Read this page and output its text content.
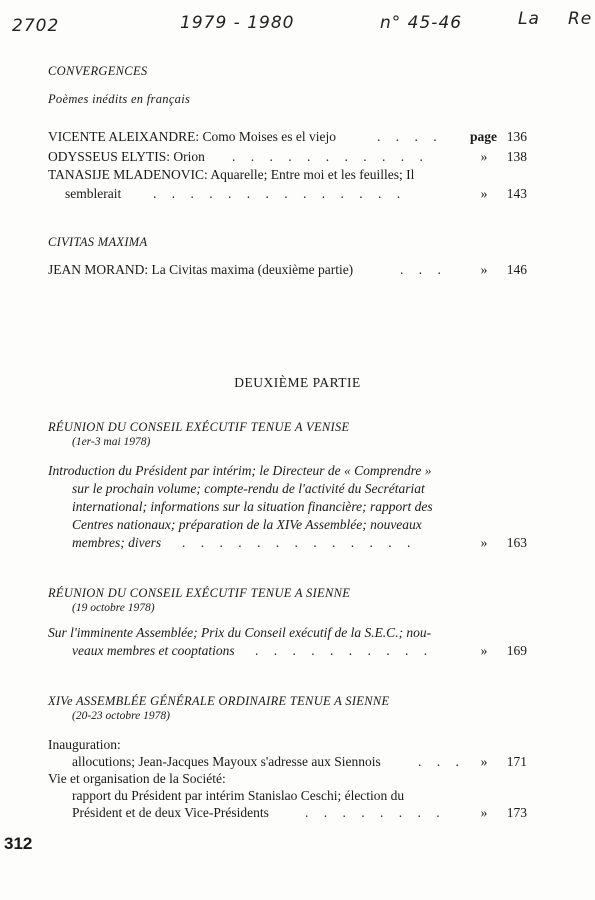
2702	1979 - 1980	n° 45-46	La Re
CONVERGENCES
Poèmes inédits en français
VICENTE ALEIXANDRE: Como Moises es el viejo	. . . . page 136
ODYSSEUS ELYTIS: Orion . . . . . . . . . . .	»	138
TANASIJE MLADENOVIC: Aquarelle; Entre moi et les feuilles; Il
semblerait . . . . . . . . . . . . . .	»	143
CIVITAS MAXIMA
JEAN MORAND: La Civitas maxima (deuxième partie)	. . .	»	146
DEUXIÈME PARTIE
RÉUNION DU CONSEIL EXÉCUTIF TENUE A VENISE
(1er-3 mai 1978)
Introduction du Président par intérim; le Directeur de « Comprendre »
sur le prochain volume; compte-rendu de l'activité du Secrétariat
international; informations sur la situation financière; rapport des
Centres nationaux; préparation de la XIVe Assemblée; nouveaux
membres; divers . . . . . . . . . . . . .	»	163
RÉUNION DU CONSEIL EXÉCUTIF TENUE A SIENNE
(19 octobre 1978)
Sur l'imminente Assemblée; Prix du Conseil exécutif de la S.E.C.; nou-
veaux membres et cooptations . . . . . . . . . .	»	169
XIVe ASSEMBLÉE GÉNÉRALE ORDINAIRE TENUE A SIENNE
(20-23 octobre 1978)
Inauguration:
allocutions; Jean-Jacques Mayoux s'adresse aux Siennois	. . .	»	171
Vie et organisation de la Société:
rapport du Président par intérim Stanislao Ceschi; élection du
Président et de deux Vice-Présidents	. . . . . . . .	»	173
312
